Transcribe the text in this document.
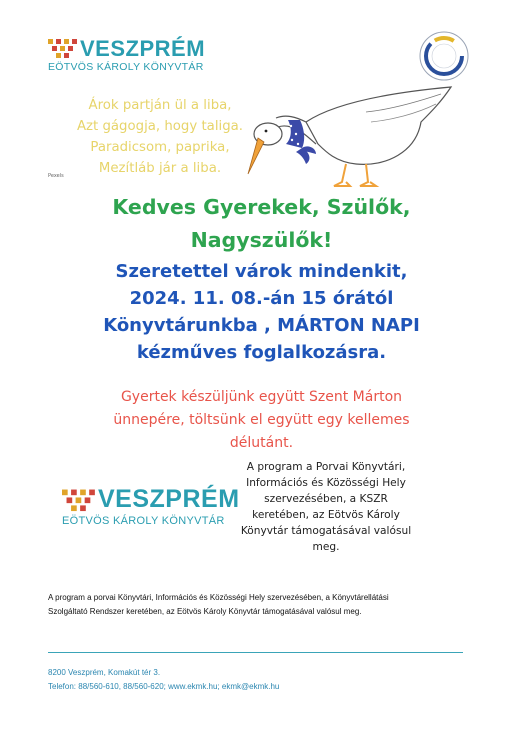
VESZPRÉM
EÖTVÖS KÁROLY KÖNYVTÁR
Árok partján ül a liba,
Azt gágogja, hogy taliga.
Paradicsom, paprika,
Mezítláb jár a liba.
Pexels
Kedves Gyerekek, Szülők,
Nagyszülők!
Szeretettel várok mindenkit,
2024. 11. 08.-án 15 órától
Könyvtárunkba , MÁRTON NAPI
kézműves foglalkozásra.
Gyertek készüljünk együtt Szent Márton
ünnepére, töltsünk el együtt egy kellemes
délutánt.
VESZPRÉM
EÖTVÖS KÁROLY KÖNYVTÁR
A program a Porvai Könyvtári,
Információs és Közösségi Hely
szervezésében, a KSZR
keretében, az Eötvös Károly
Könyvtár támogatásával valósul
meg.
A program a porvai Könyvtári, Információs és Közösségi Hely szervezésében, a Könyvtárellátási
Szolgáltató Rendszer keretében, az Eötvös Károly Könyvtár támogatásával valósul meg.
8200 Veszprém, Komakút tér 3.
Telefon: 88/560-610, 88/560-620; www.ekmk.hu; ekmk@ekmk.hu
